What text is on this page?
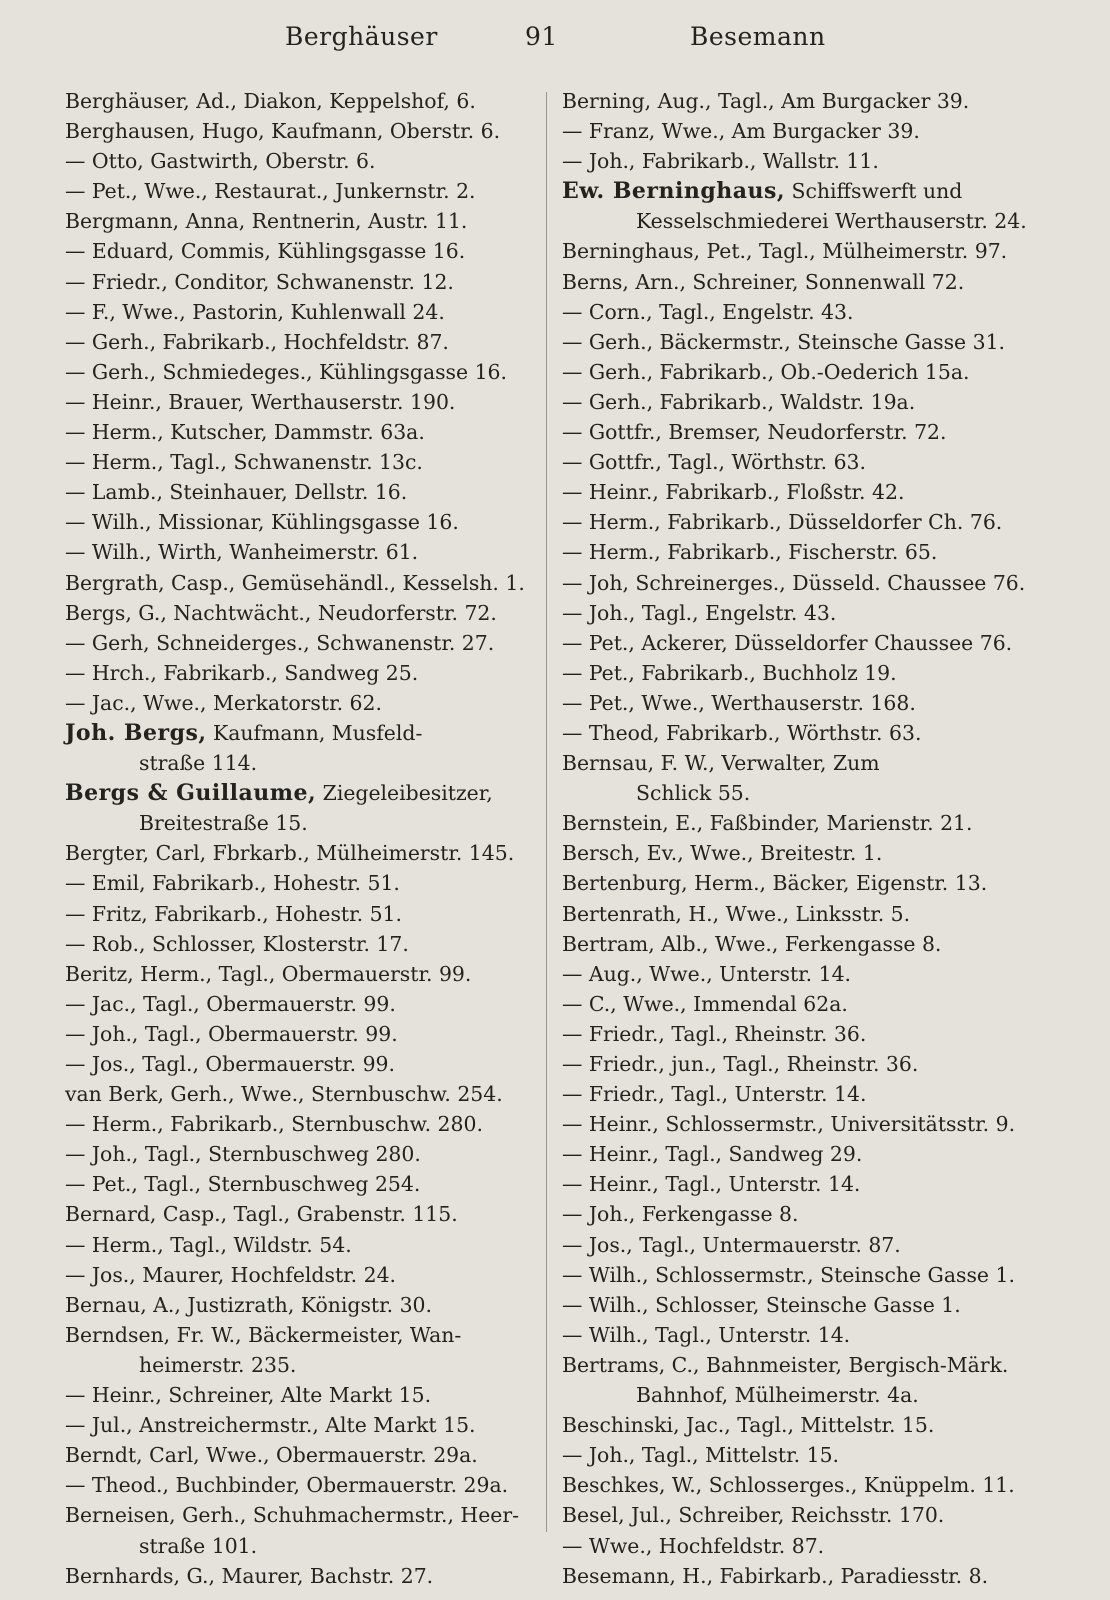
Berghäuser	91	Besemann
Berghäuser, Ad., Diakon, Keppelshof, 6.
Berghausen, Hugo, Kaufmann, Oberstr. 6.
— Otto, Gastwirth, Oberstr. 6.
— Pet., Wwe., Restaurat., Junkernstr. 2.
Bergmann, Anna, Rentnerin, Austr. 11.
— Eduard, Commis, Kühlingsgasse 16.
— Friedr., Conditor, Schwanenstr. 12.
— F., Wwe., Pastorin, Kuhlenwall 24.
— Gerh., Fabrikarb., Hochfeldstr. 87.
— Gerh., Schmiedeges., Kühlingsgasse 16.
— Heinr., Brauer, Werthauserstr. 190.
— Herm., Kutscher, Dammstr. 63a.
— Herm., Tagl., Schwanenstr. 13c.
— Lamb., Steinhauer, Dellstr. 16.
— Wilh., Missionar, Kühlingsgasse 16.
— Wilh., Wirth, Wanheimerstr. 61.
Bergrath, Casp., Gemüsehändl., Kesselsh. 1.
Bergs, G., Nachtwächt., Neudorferstr. 72.
— Gerh, Schneiderges., Schwanenstr. 27.
— Hrch., Fabrikarb., Sandweg 25.
— Jac., Wwe., Merkatorstr. 62.
Joh. Bergs, Kaufmann, Musfeld-
straße 114.
Bergs & Guillaume, Ziegeleibesitzer,
Breitestraße 15.
Bergter, Carl, Fbrkarb., Mülheimerstr. 145.
— Emil, Fabrikarb., Hohestr. 51.
— Fritz, Fabrikarb., Hohestr. 51.
— Rob., Schlosser, Klosterstr. 17.
Beritz, Herm., Tagl., Obermauerstr. 99.
— Jac., Tagl., Obermauerstr. 99.
— Joh., Tagl., Obermauerstr. 99.
— Jos., Tagl., Obermauerstr. 99.
van Berk, Gerh., Wwe., Sternbuschw. 254.
— Herm., Fabrikarb., Sternbuschw. 280.
— Joh., Tagl., Sternbuschweg 280.
— Pet., Tagl., Sternbuschweg 254.
Bernard, Casp., Tagl., Grabenstr. 115.
— Herm., Tagl., Wildstr. 54.
— Jos., Maurer, Hochfeldstr. 24.
Bernau, A., Justizrath, Königstr. 30.
Berndsen, Fr. W., Bäckermeister, Wan-
heimerstr. 235.
— Heinr., Schreiner, Alte Markt 15.
— Jul., Anstreichermstr., Alte Markt 15.
Berndt, Carl, Wwe., Obermauerstr. 29a.
— Theod., Buchbinder, Obermauerstr. 29a.
Berneisen, Gerh., Schuhmachermstr., Heer-
straße 101.
Bernhards, G., Maurer, Bachstr. 27.
Berning, Aug., Tagl., Am Burgacker 39.
— Franz, Wwe., Am Burgacker 39.
— Joh., Fabrikarb., Wallstr. 11.
Ew. Berninghaus, Schiffswerft und
Kesselschmiederei Werthauserstr. 24.
Berninghaus, Pet., Tagl., Mülheimerstr. 97.
Berns, Arn., Schreiner, Sonnenwall 72.
— Corn., Tagl., Engelstr. 43.
— Gerh., Bäckermstr., Steinsche Gasse 31.
— Gerh., Fabrikarb., Ob.-Oederich 15a.
— Gerh., Fabrikarb., Waldstr. 19a.
— Gottfr., Bremser, Neudorferstr. 72.
— Gottfr., Tagl., Wörthstr. 63.
— Heinr., Fabrikarb., Floßstr. 42.
— Herm., Fabrikarb., Düsseldorfer Ch. 76.
— Herm., Fabrikarb., Fischerstr. 65.
— Joh, Schreinerges., Düsseld. Chaussee 76.
— Joh., Tagl., Engelstr. 43.
— Pet., Ackerer, Düsseldorfer Chaussee 76.
— Pet., Fabrikarb., Buchholz 19.
— Pet., Wwe., Werthauserstr. 168.
— Theod, Fabrikarb., Wörthstr. 63.
Bernsau, F. W., Verwalter, Zum
Schlick 55.
Bernstein, E., Faßbinder, Marienstr. 21.
Bersch, Ev., Wwe., Breitestr. 1.
Bertenburg, Herm., Bäcker, Eigenstr. 13.
Bertenrath, H., Wwe., Linksstr. 5.
Bertram, Alb., Wwe., Ferkengasse 8.
— Aug., Wwe., Unterstr. 14.
— C., Wwe., Immendal 62a.
— Friedr., Tagl., Rheinstr. 36.
— Friedr., jun., Tagl., Rheinstr. 36.
— Friedr., Tagl., Unterstr. 14.
— Heinr., Schlossermstr., Universitätsstr. 9.
— Heinr., Tagl., Sandweg 29.
— Heinr., Tagl., Unterstr. 14.
— Joh., Ferkengasse 8.
— Jos., Tagl., Untermauerstr. 87.
— Wilh., Schlossermstr., Steinsche Gasse 1.
— Wilh., Schlosser, Steinsche Gasse 1.
— Wilh., Tagl., Unterstr. 14.
Bertrams, C., Bahnmeister, Bergisch-Märk.
Bahnhof, Mülheimerstr. 4a.
Beschinski, Jac., Tagl., Mittelstr. 15.
— Joh., Tagl., Mittelstr. 15.
Beschkes, W., Schlosserges., Knüppelm. 11.
Besel, Jul., Schreiber, Reichsstr. 170.
— Wwe., Hochfeldstr. 87.
Besemann, H., Fabirkarb., Paradiesstr. 8.
